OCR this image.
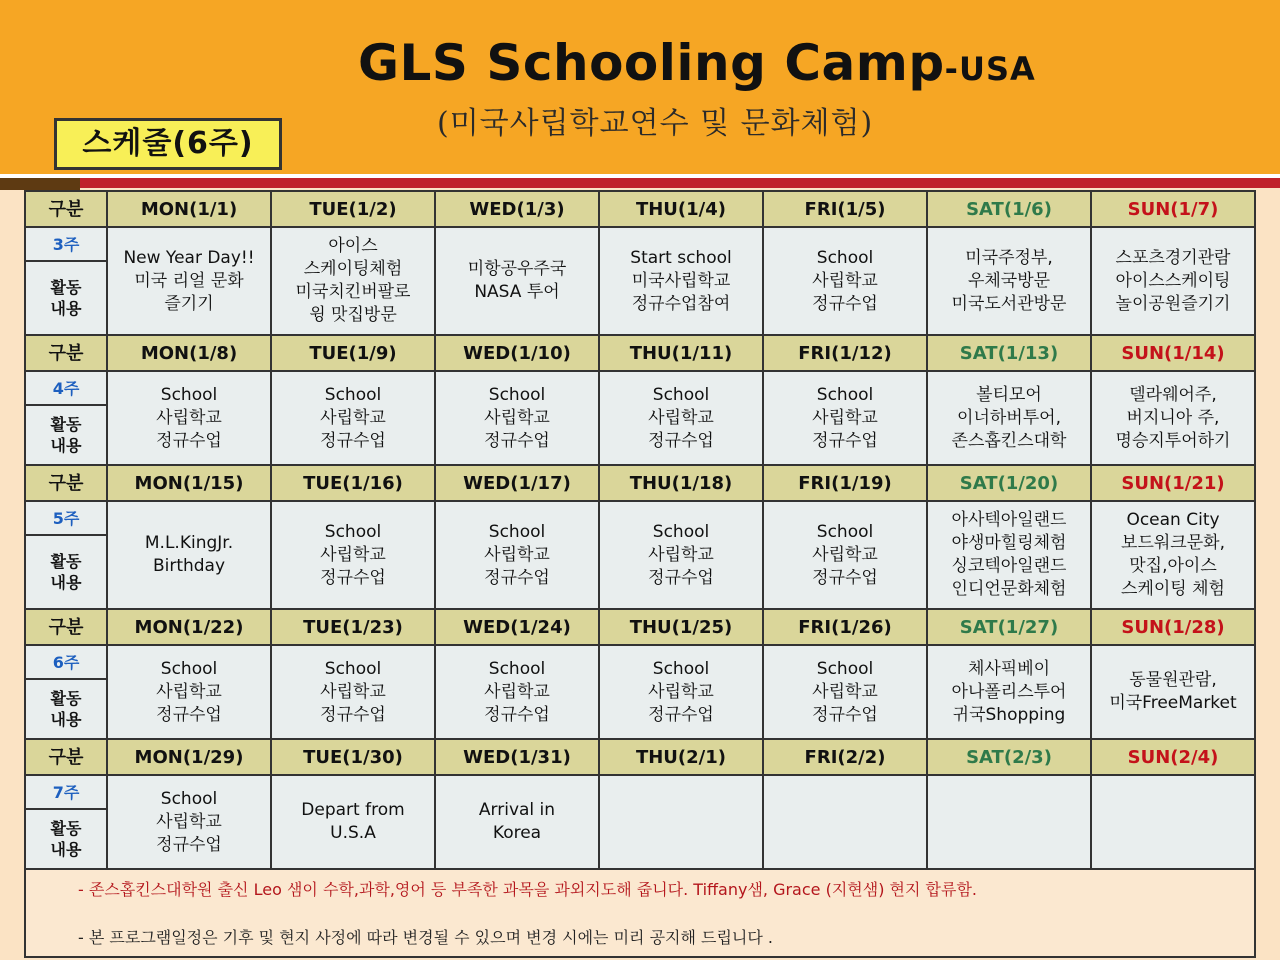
GLS Schooling Camp-USA
(미국사립학교연수 및 문화체험)
스케줄(6주)
구분	MON(1/1)	TUE(1/2)	WED(1/3)	THU(1/4)	FRI(1/5)	SAT(1/6)	SUN(1/7)
3주	New Year Day!!
미국 리얼 문화
즐기기	아이스
스케이팅체험
미국치킨버팔로
윙 맛집방문	미항공우주국
NASA 투어	Start school
미국사립학교
정규수업참여	School
사립학교
정규수업	미국주정부,
우체국방문
미국도서관방문	스포츠경기관람
아이스스케이팅
놀이공원즐기기

활동
내용							

구분	MON(1/8)	TUE(1/9)	WED(1/10)	THU(1/11)	FRI(1/12)	SAT(1/13)	SUN(1/14)
4주	School
사립학교
정규수업	School
사립학교
정규수업	School
사립학교
정규수업	School
사립학교
정규수업	School
사립학교
정규수업	볼티모어
이너하버투어,
존스홉킨스대학	델라웨어주,
버지니아 주,
명승지투어하기

활동
내용							

구분	MON(1/15)	TUE(1/16)	WED(1/17)	THU(1/18)	FRI(1/19)	SAT(1/20)	SUN(1/21)
5주	M.L.KingJr.
Birthday	School
사립학교
정규수업	School
사립학교
정규수업	School
사립학교
정규수업	School
사립학교
정규수업	아사텍아일랜드
야생마힐링체험
싱코텍아일랜드
인디언문화체험	Ocean City
보드워크문화,
맛집,아이스
스케이팅 체험

활동
내용							

구분	MON(1/22)	TUE(1/23)	WED(1/24)	THU(1/25)	FRI(1/26)	SAT(1/27)	SUN(1/28)
6주	School
사립학교
정규수업	School
사립학교
정규수업	School
사립학교
정규수업	School
사립학교
정규수업	School
사립학교
정규수업	체사픽베이
아나폴리스투어
귀국Shopping	동물원관람,
미국FreeMarket

활동
내용							

구분	MON(1/29)	TUE(1/30)	WED(1/31)	THU(2/1)	FRI(2/2)	SAT(2/3)	SUN(2/4)
7주	School
사립학교
정규수업	Depart from
U.S.A	Arrival in
Korea				

활동
내용							

- 존스홉킨스대학원 출신 Leo 샘이 수학,과학,영어 등 부족한 과목을 과외지도해 줍니다. Tiffany샘, Grace (지현샘) 현지 합류함.
- 본 프로그램일정은 기후 및 현지 사정에 따라 변경될 수 있으며 변경 시에는 미리 공지해 드립니다 .							
